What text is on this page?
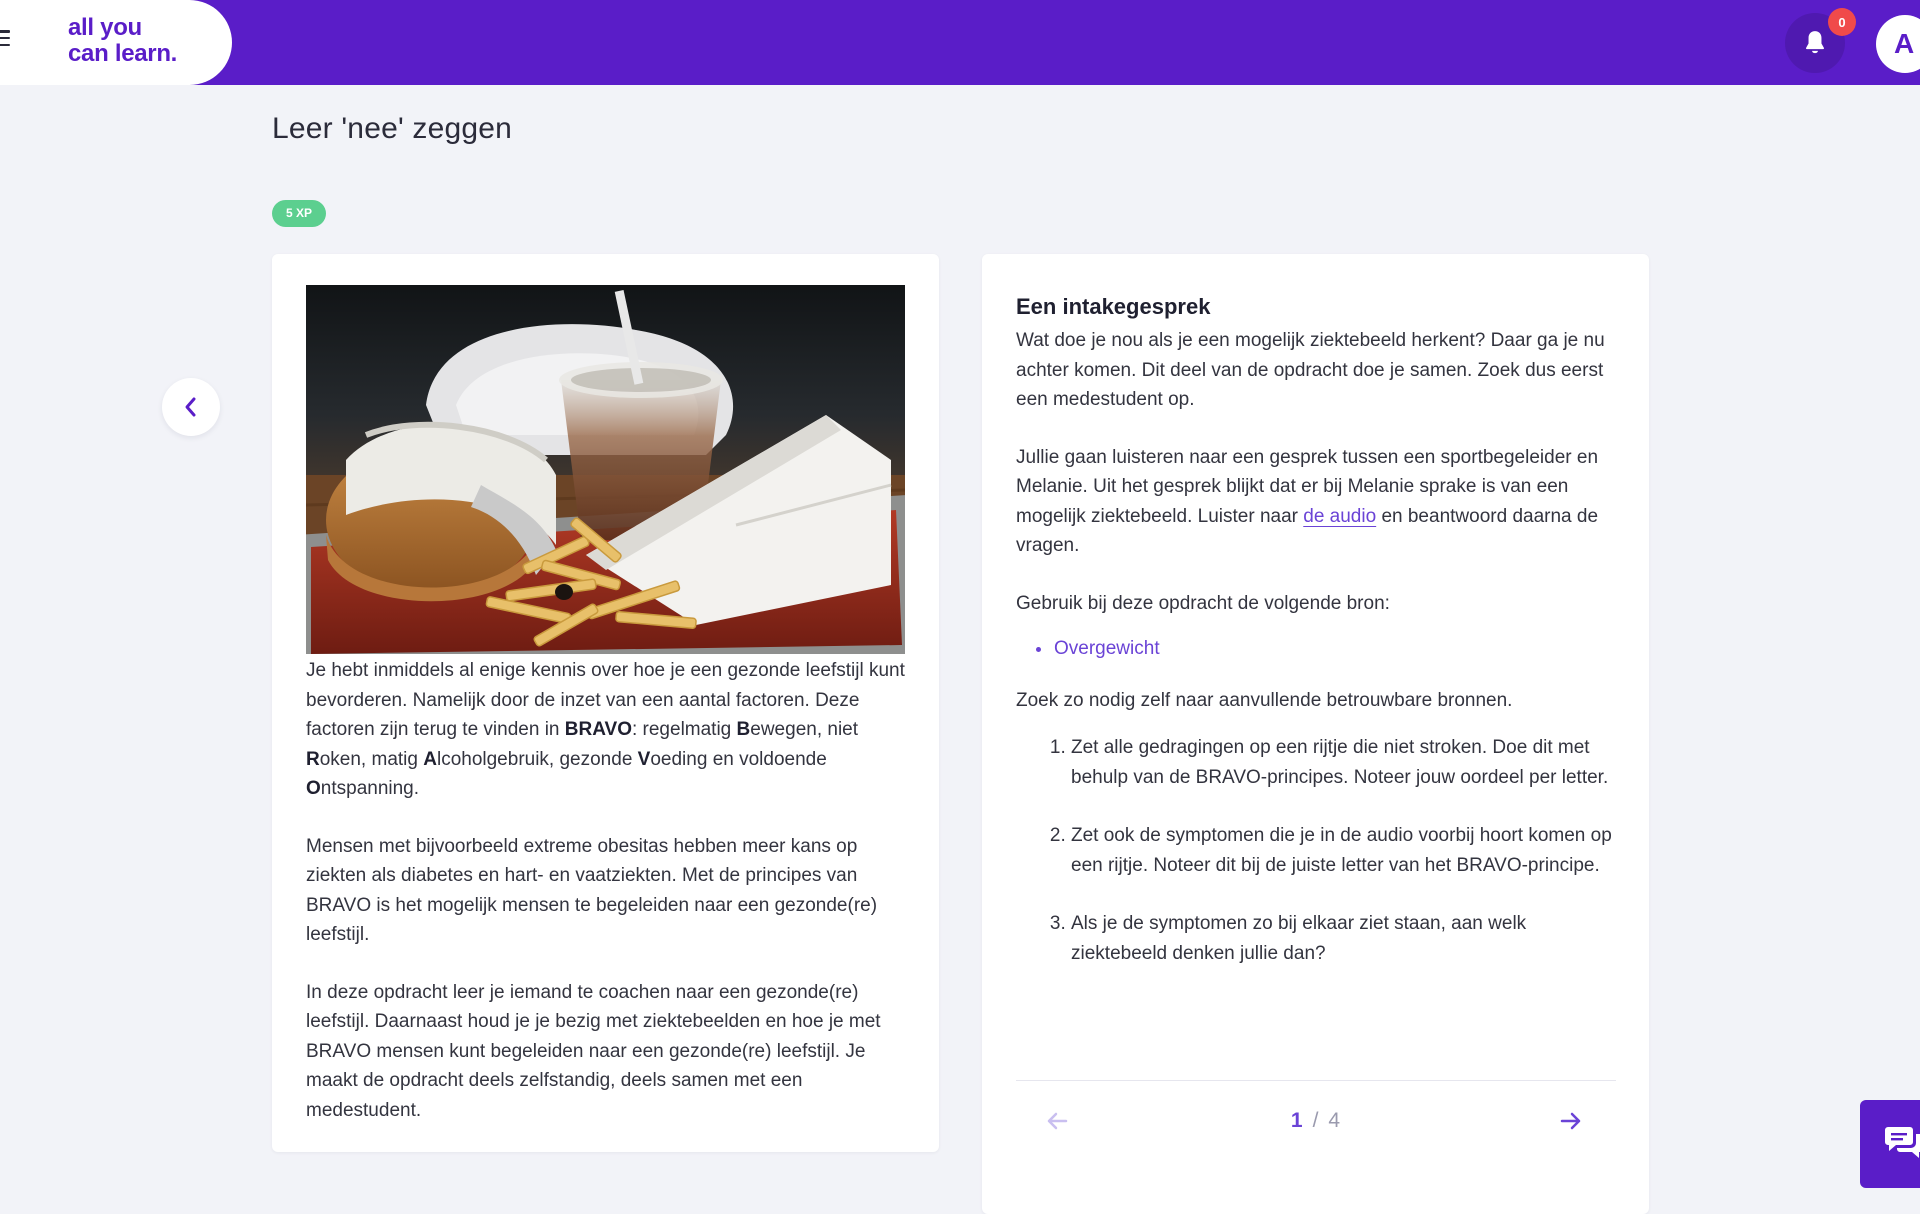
all you
can learn.
0
A
Leer 'nee' zeggen
5 XP

Je hebt inmiddels al enige kennis over hoe je een gezonde leefstijl kunt bevorderen. Namelijk door de inzet van een aantal factoren. Deze factoren zijn terug te vinden in BRAVO: regelmatig Bewegen, niet Roken, matig Alcoholgebruik, gezonde Voeding en voldoende Ontspanning.

Mensen met bijvoorbeeld extreme obesitas hebben meer kans op ziekten als diabetes en hart- en vaatziekten. Met de principes van BRAVO is het mogelijk mensen te begeleiden naar een gezonde(re) leefstijl.

In deze opdracht leer je iemand te coachen naar een gezonde(re) leefstijl. Daarnaast houd je je bezig met ziektebeelden en hoe je met BRAVO mensen kunt begeleiden naar een gezonde(re) leefstijl. Je maakt de opdracht deels zelfstandig, deels samen met een medestudent.

Een intakegesprek

Wat doe je nou als je een mogelijk ziektebeeld herkent? Daar ga je nu achter komen. Dit deel van de opdracht doe je samen. Zoek dus eerst een medestudent op.

Jullie gaan luisteren naar een gesprek tussen een sportbegeleider en Melanie. Uit het gesprek blijkt dat er bij Melanie sprake is van een mogelijk ziektebeeld. Luister naar de audio en beantwoord daarna de vragen.

Gebruik bij deze opdracht de volgende bron:

Overgewicht

Zoek zo nodig zelf naar aanvullende betrouwbare bronnen.

1. Zet alle gedragingen op een rijtje die niet stroken. Doe dit met behulp van de BRAVO-principes. Noteer jouw oordeel per letter.
2. Zet ook de symptomen die je in de audio voorbij hoort komen op een rijtje. Noteer dit bij de juiste letter van het BRAVO-principe.
3. Als je de symptomen zo bij elkaar ziet staan, aan welk ziektebeeld denken jullie dan?
1 / 4
